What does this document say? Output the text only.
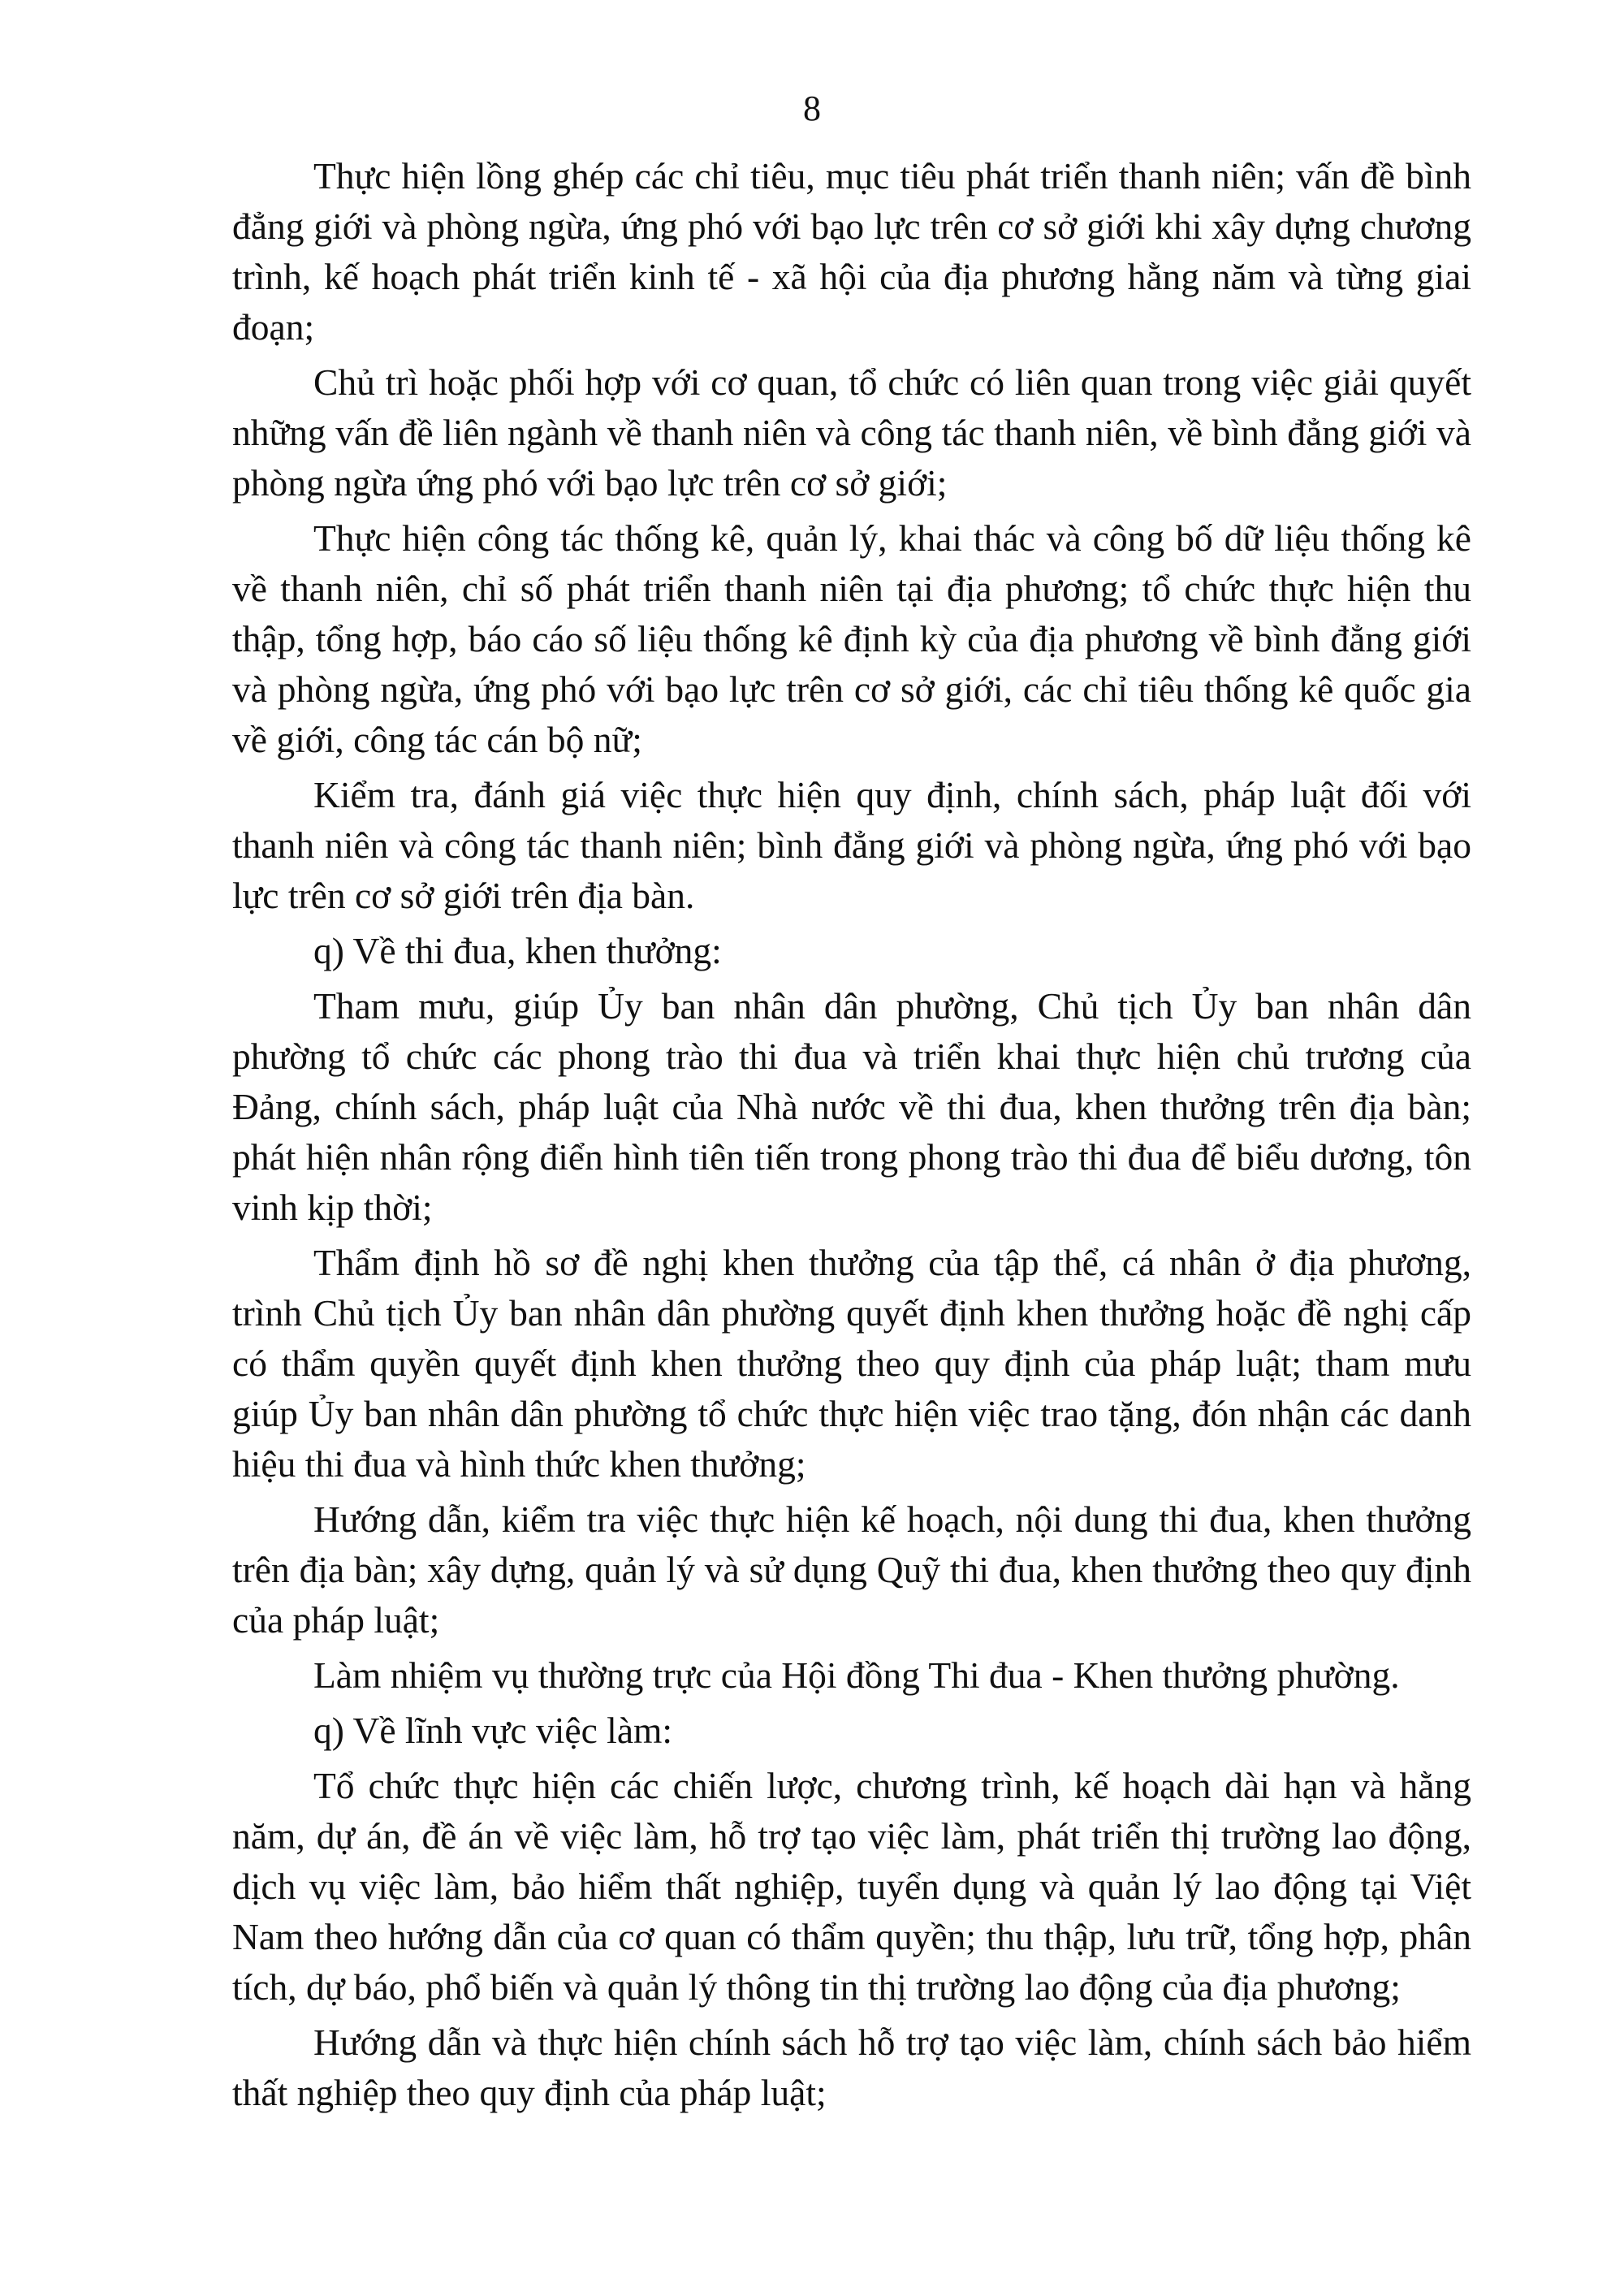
8

Thực hiện lồng ghép các chỉ tiêu, mục tiêu phát triển thanh niên; vấn đề bình đẳng giới và phòng ngừa, ứng phó với bạo lực trên cơ sở giới khi xây dựng chương trình, kế hoạch phát triển kinh tế - xã hội của địa phương hằng năm và từng giai đoạn;

Chủ trì hoặc phối hợp với cơ quan, tổ chức có liên quan trong việc giải quyết những vấn đề liên ngành về thanh niên và công tác thanh niên, về bình đẳng giới và phòng ngừa ứng phó với bạo lực trên cơ sở giới;

Thực hiện công tác thống kê, quản lý, khai thác và công bố dữ liệu thống kê về thanh niên, chỉ số phát triển thanh niên tại địa phương; tổ chức thực hiện thu thập, tổng hợp, báo cáo số liệu thống kê định kỳ của địa phương về bình đẳng giới và phòng ngừa, ứng phó với bạo lực trên cơ sở giới, các chỉ tiêu thống kê quốc gia về giới, công tác cán bộ nữ;

Kiểm tra, đánh giá việc thực hiện quy định, chính sách, pháp luật đối với thanh niên và công tác thanh niên; bình đẳng giới và phòng ngừa, ứng phó với bạo lực trên cơ sở giới trên địa bàn.

q) Về thi đua, khen thưởng:

Tham mưu, giúp Ủy ban nhân dân phường, Chủ tịch Ủy ban nhân dân phường tổ chức các phong trào thi đua và triển khai thực hiện chủ trương của Đảng, chính sách, pháp luật của Nhà nước về thi đua, khen thưởng trên địa bàn; phát hiện nhân rộng điển hình tiên tiến trong phong trào thi đua để biểu dương, tôn vinh kịp thời;

Thẩm định hồ sơ đề nghị khen thưởng của tập thể, cá nhân ở địa phương, trình Chủ tịch Ủy ban nhân dân phường quyết định khen thưởng hoặc đề nghị cấp có thẩm quyền quyết định khen thưởng theo quy định của pháp luật; tham mưu giúp Ủy ban nhân dân phường tổ chức thực hiện việc trao tặng, đón nhận các danh hiệu thi đua và hình thức khen thưởng;

Hướng dẫn, kiểm tra việc thực hiện kế hoạch, nội dung thi đua, khen thưởng trên địa bàn; xây dựng, quản lý và sử dụng Quỹ thi đua, khen thưởng theo quy định của pháp luật;

Làm nhiệm vụ thường trực của Hội đồng Thi đua - Khen thưởng phường.

q) Về lĩnh vực việc làm:

Tổ chức thực hiện các chiến lược, chương trình, kế hoạch dài hạn và hằng năm, dự án, đề án về việc làm, hỗ trợ tạo việc làm, phát triển thị trường lao động, dịch vụ việc làm, bảo hiểm thất nghiệp, tuyển dụng và quản lý lao động tại Việt Nam theo hướng dẫn của cơ quan có thẩm quyền; thu thập, lưu trữ, tổng hợp, phân tích, dự báo, phổ biến và quản lý thông tin thị trường lao động của địa phương;

Hướng dẫn và thực hiện chính sách hỗ trợ tạo việc làm, chính sách bảo hiểm thất nghiệp theo quy định của pháp luật;
